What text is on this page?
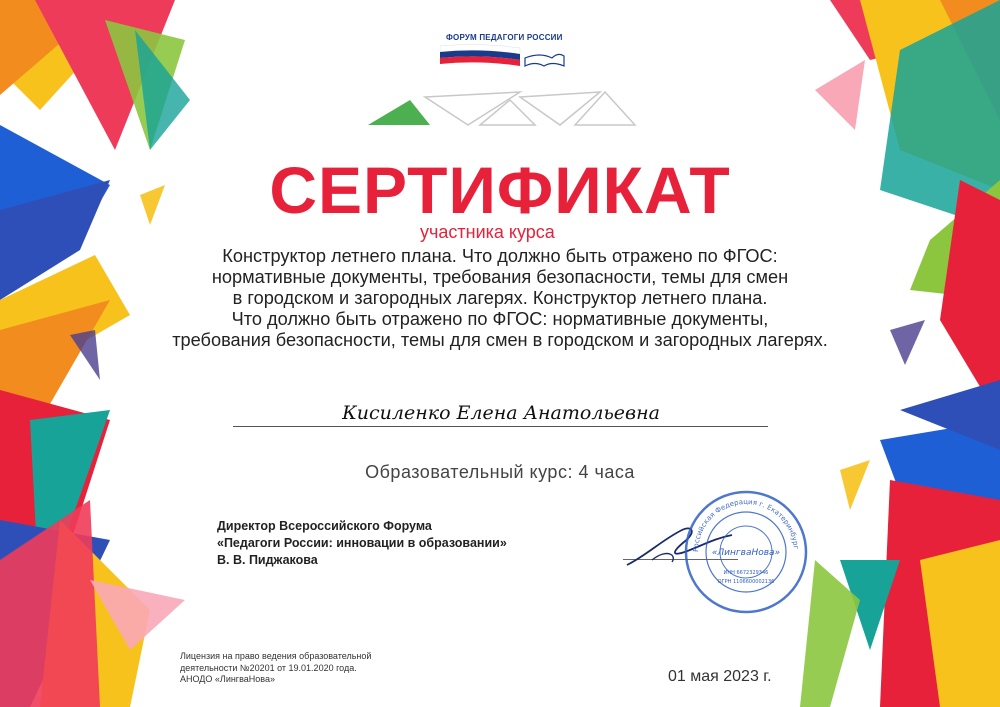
ФОРУМ ПЕДАГОГИ РОССИИ
СЕРТИФИКАТ
участника курса
Конструктор летнего плана. Что должно быть отражено по ФГОС:
нормативные документы, требования безопасности, темы для смен
в городском и загородных лагерях. Конструктор летнего плана.
Что должно быть отражено по ФГОС: нормативные документы,
требования безопасности, темы для смен в городском и загородных лагерях.
Кисиленко Елена Анатольевна
Образовательный курс: 4 часа
Директор Всероссийского Форума
«Педагоги России: инновации в образовании»
В. В. Пиджакова
Российская Федерация г. Екатеринбург
«ЛингваНова»
ИНН 6672329346
ОГРН 1106600002136
Лицензия на право ведения образовательной
деятельности №20201 от 19.01.2020 года.
АНОДО «ЛингваНова»	01 мая 2023 г.
